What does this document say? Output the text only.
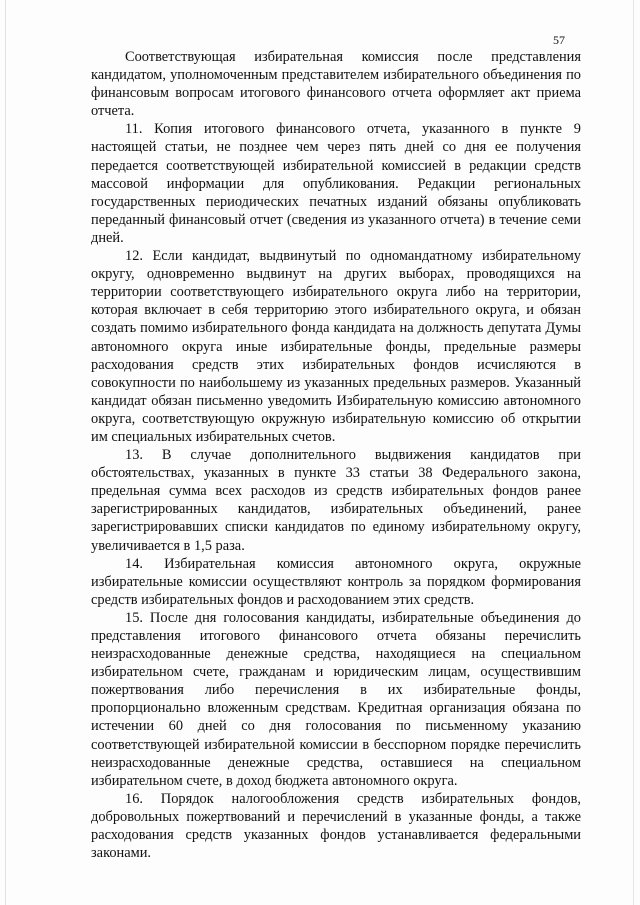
57

Соответствующая избирательная комиссия после представления кандидатом, уполномоченным представителем избирательного объединения по финансовым вопросам итогового финансового отчета оформляет акт приема отчета.

11. Копия итогового финансового отчета, указанного в пункте 9 настоящей статьи, не позднее чем через пять дней со дня ее получения передается соответствующей избирательной комиссией в редакции средств массовой информации для опубликования. Редакции региональных государственных периодических печатных изданий обязаны опубликовать переданный финансовый отчет (сведения из указанного отчета) в течение семи дней.

12. Если кандидат, выдвинутый по одномандатному избирательному округу, одновременно выдвинут на других выборах, проводящихся на территории соответствующего избирательного округа либо на территории, которая включает в себя территорию этого избирательного округа, и обязан создать помимо избирательного фонда кандидата на должность депутата Думы автономного округа иные избирательные фонды, предельные размеры расходования средств этих избирательных фондов исчисляются в совокупности по наибольшему из указанных предельных размеров. Указанный кандидат обязан письменно уведомить Избирательную комиссию автономного округа, соответствующую окружную избирательную комиссию об открытии им специальных избирательных счетов.

13. В случае дополнительного выдвижения кандидатов при обстоятельствах, указанных в пункте 33 статьи 38 Федерального закона, предельная сумма всех расходов из средств избирательных фондов ранее зарегистрированных кандидатов, избирательных объединений, ранее зарегистрировавших списки кандидатов по единому избирательному округу, увеличивается в 1,5 раза.

14. Избирательная комиссия автономного округа, окружные избирательные комиссии осуществляют контроль за порядком формирования средств избирательных фондов и расходованием этих средств.

15. После дня голосования кандидаты, избирательные объединения до представления итогового финансового отчета обязаны перечислить неизрасходованные денежные средства, находящиеся на специальном избирательном счете, гражданам и юридическим лицам, осуществившим пожертвования либо перечисления в их избирательные фонды, пропорционально вложенным средствам. Кредитная организация обязана по истечении 60 дней со дня голосования по письменному указанию соответствующей избирательной комиссии в бесспорном порядке перечислить неизрасходованные денежные средства, оставшиеся на специальном избирательном счете, в доход бюджета автономного округа.

16. Порядок налогообложения средств избирательных фондов, добровольных пожертвований и перечислений в указанные фонды, а также расходования средств указанных фондов устанавливается федеральными законами.
